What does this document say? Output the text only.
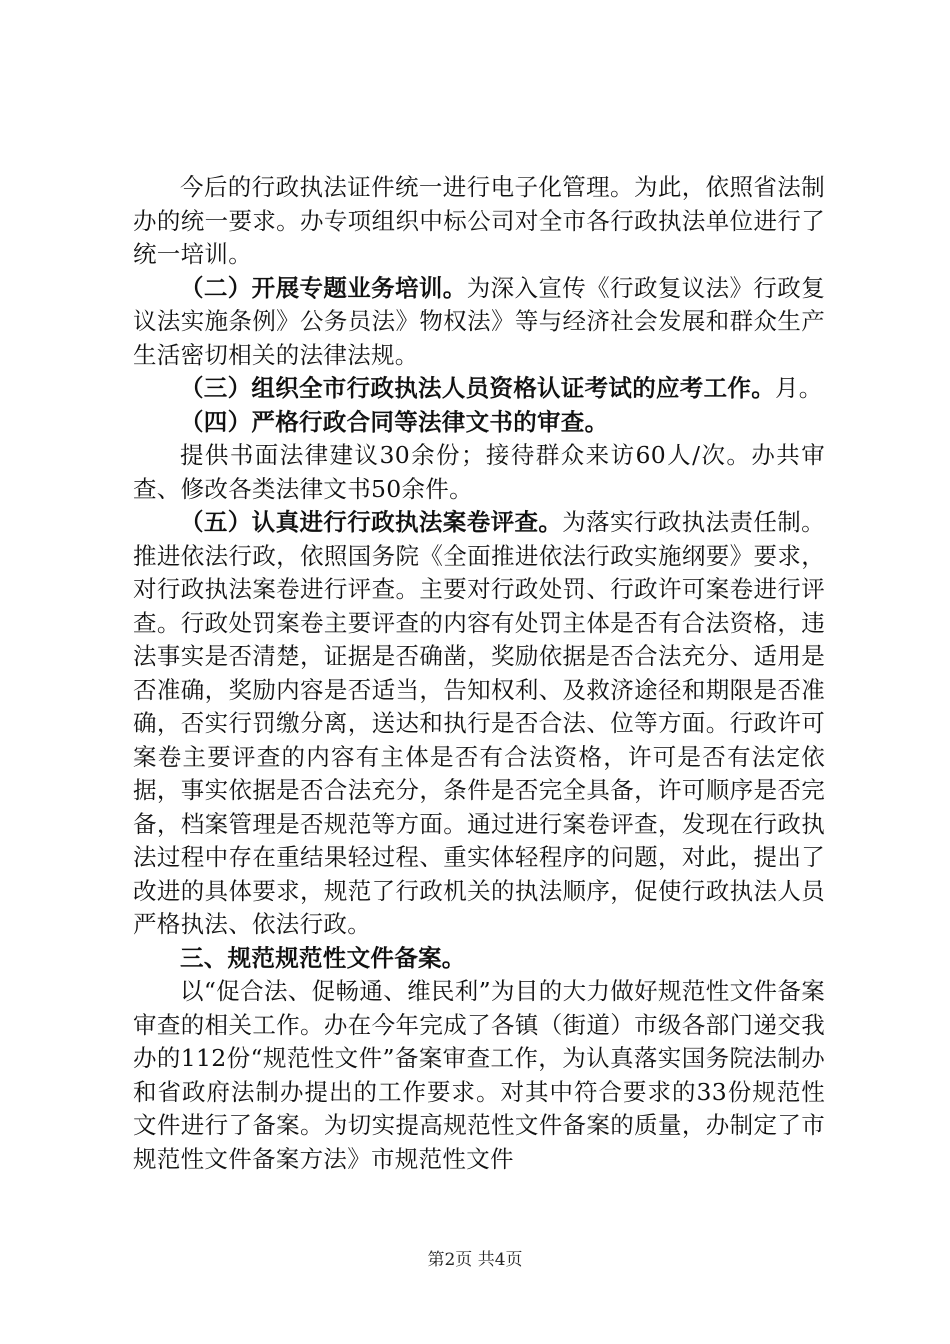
今后的行政执法证件统一进行电子化管理。为此，依照省法制办的统一要求。办专项组织中标公司对全市各行政执法单位进行了统一培训。

（二）开展专题业务培训。为深入宣传《行政复议法》行政复议法实施条例》公务员法》物权法》等与经济社会发展和群众生产生活密切相关的法律法规。

（三）组织全市行政执法人员资格认证考试的应考工作。月。

（四）严格行政合同等法律文书的审查。

提供书面法律建议30余份；接待群众来访60人/次。办共审查、修改各类法律文书50余件。

（五）认真进行行政执法案卷评查。为落实行政执法责任制。推进依法行政，依照国务院《全面推进依法行政实施纲要》要求，对行政执法案卷进行评查。主要对行政处罚、行政许可案卷进行评查。行政处罚案卷主要评查的内容有处罚主体是否有合法资格，违法事实是否清楚，证据是否确凿，奖励依据是否合法充分、适用是否准确，奖励内容是否适当，告知权利、及救济途径和期限是否准确，否实行罚缴分离，送达和执行是否合法、位等方面。行政许可案卷主要评查的内容有主体是否有合法资格，许可是否有法定依据，事实依据是否合法充分，条件是否完全具备，许可顺序是否完备，档案管理是否规范等方面。通过进行案卷评查，发现在行政执法过程中存在重结果轻过程、重实体轻程序的问题，对此，提出了改进的具体要求，规范了行政机关的执法顺序，促使行政执法人员严格执法、依法行政。

三、规范规范性文件备案。

以“促合法、促畅通、维民利”为目的大力做好规范性文件备案审查的相关工作。办在今年完成了各镇（街道）市级各部门递交我办的112份“规范性文件”备案审查工作，为认真落实国务院法制办和省政府法制办提出的工作要求。对其中符合要求的33份规范性文件进行了备案。为切实提高规范性文件备案的质量，办制定了市规范性文件备案方法》市规范性文件

第2页 共4页
